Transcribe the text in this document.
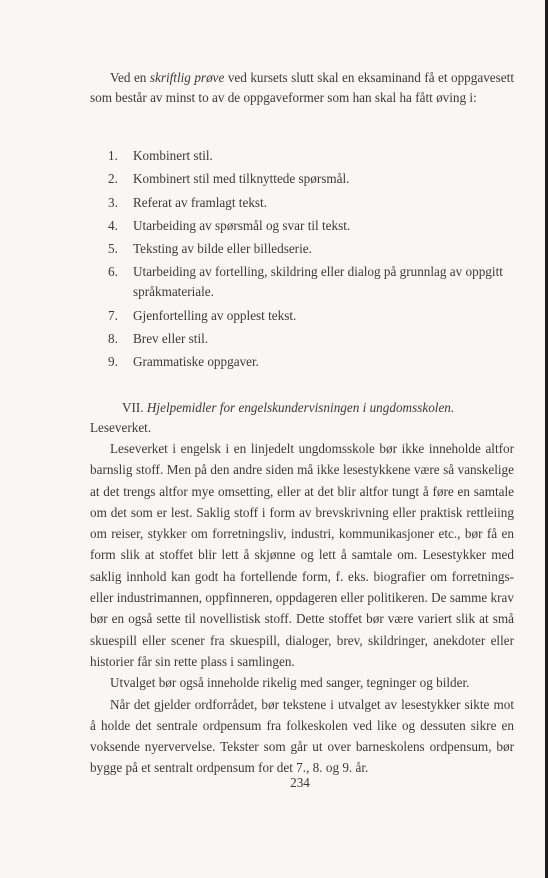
Ved en skriftlig prøve ved kursets slutt skal en eksaminand få et oppgavesett som består av minst to av de oppgaveformer som han skal ha fått øving i:

1. Kombinert stil.
2. Kombinert stil med tilknyttede spørsmål.
3. Referat av framlagt tekst.
4. Utarbeiding av spørsmål og svar til tekst.
5. Teksting av bilde eller billedserie.
6. Utarbeiding av fortelling, skildring eller dialog på grunnlag av oppgitt språkmateriale.
7. Gjenfortelling av opplest tekst.
8. Brev eller stil.
9. Grammatiske oppgaver.
VII. Hjelpemidler for engelskundervisningen i ungdomsskolen.
Leseverket.
Leseverket i engelsk i en linjedelt ungdomsskole bør ikke inneholde altfor barnslig stoff. Men på den andre siden må ikke lesestykkene være så vanskelige at det trengs altfor mye omsetting, eller at det blir altfor tungt å føre en samtale om det som er lest. Saklig stoff i form av brevskrivning eller praktisk rettleiing om reiser, stykker om forretningsliv, industri, kommunikasjoner etc., bør få en form slik at stoffet blir lett å skjønne og lett å samtale om. Lesestykker med saklig innhold kan godt ha fortellende form, f. eks. biografier om forretnings- eller industrimannen, oppfinneren, oppdageren eller politikeren. De samme krav bør en også sette til novellistisk stoff. Dette stoffet bør være variert slik at små skuespill eller scener fra skuespill, dialoger, brev, skildringer, anekdoter eller historier får sin rette plass i samlingen.
Utvalget bør også inneholde rikelig med sanger, tegninger og bilder.
Når det gjelder ordforrådet, bør tekstene i utvalget av lesestykker sikte mot å holde det sentrale ordpensum fra folkeskolen ved like og dessuten sikre en voksende nyervervelse. Tekster som går ut over barneskolens ordpensum, bør bygge på et sentralt ordpensum for det 7., 8. og 9. år.
234
